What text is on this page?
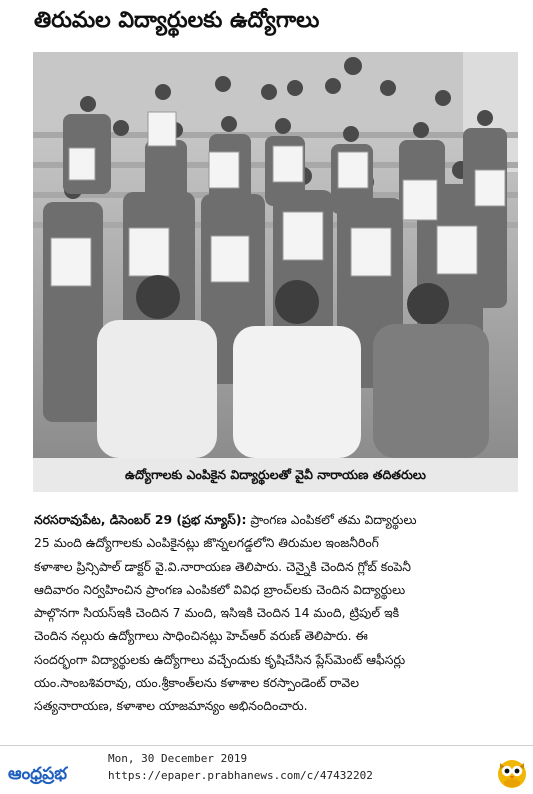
తిరుమల విద్యార్థులకు ఉద్యోగాలు
ఉద్యోగాలకు ఎంపికైన విద్యార్థులతో వైవీ నారాయణ తదితరులు
నరసరావుపేట, డిసెంబర్ 29 (ప్రభ న్యూస్): ప్రాంగణ ఎంపికలో తమ విద్యార్థులు
25 మంది ఉద్యోగాలకు ఎంపికైనట్లు జొన్నలగడ్డలోని తిరుమల ఇంజనీరింగ్
కళాశాల ప్రిన్సిపాల్ డాక్టర్ వై.వి.నారాయణ తెలిపారు. చెన్నైకి చెందిన గ్లోబ్ కంపెనీ
ఆదివారం నిర్వహించిన ప్రాంగణ ఎంపికలో వివిధ బ్రాంచ్‌లకు చెందిన విద్యార్థులు
పాల్గొనగా సియస్ఇకి చెందిన 7 మంది, ఇసిఇకి చెందిన 14 మంది, ట్రిపుల్ ఇకి
చెందిన నల్గురు ఉద్యోగాలు సాధించినట్లు హెచ్ఆర్ వరుణ్ తెలిపారు. ఈ
సందర్భంగా విద్యార్థులకు ఉద్యోగాలు వచ్చేందుకు కృషిచేసిన ప్లేస్‌మెంట్ ఆఫీసర్లు
యం.సాంబశివరావు, యం.శ్రీకాంత్‌లను కళాశాల కరస్పాండెంట్ రావెల
సత్యనారాయణ, కళాశాల యాజమాన్యం అభినందించారు.
ఆంధ్రప్రభ
Mon, 30 December 2019
https://epaper.prabhanews.com/c/47432202
